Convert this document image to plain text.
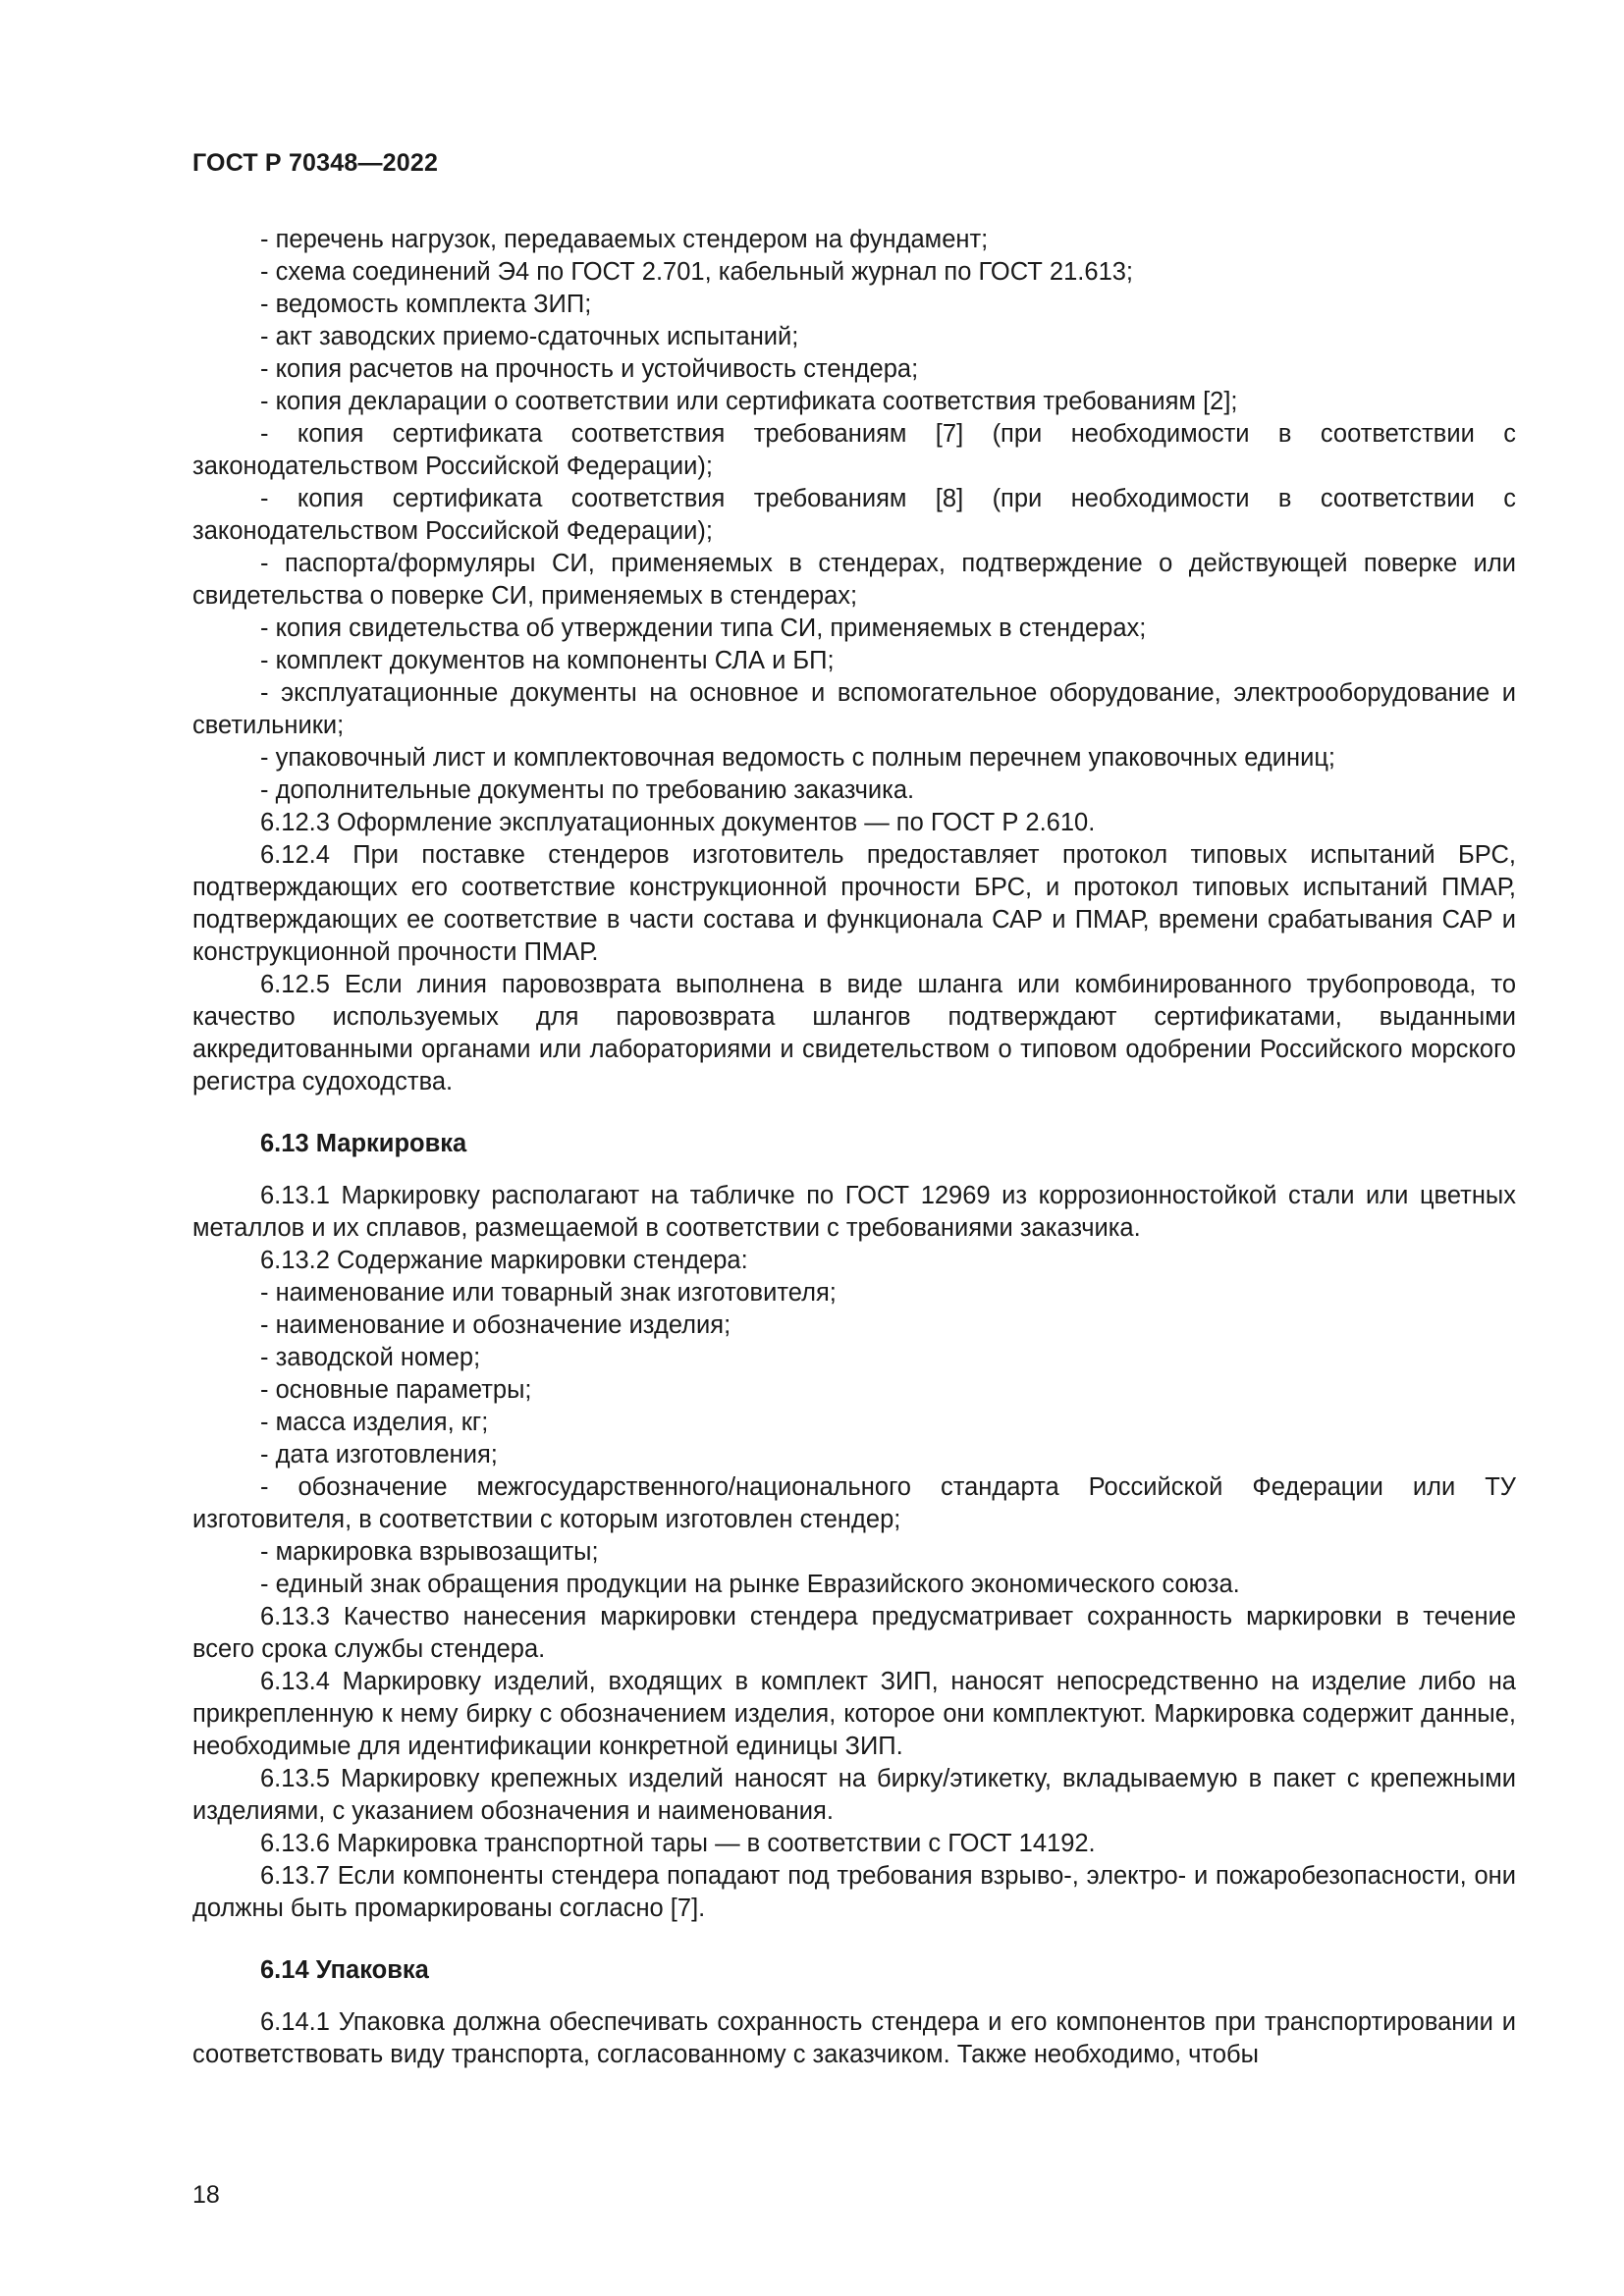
ГОСТ Р 70348—2022

- перечень нагрузок, передаваемых стендером на фундамент;

- схема соединений Э4 по ГОСТ 2.701, кабельный журнал по ГОСТ 21.613;

- ведомость комплекта ЗИП;

- акт заводских приемо-сдаточных испытаний;

- копия расчетов на прочность и устойчивость стендера;

- копия декларации о соответствии или сертификата соответствия требованиям [2];

- копия сертификата соответствия требованиям [7] (при необходимости в соответствии с законодательством Российской Федерации);

- копия сертификата соответствия требованиям [8] (при необходимости в соответствии с законодательством Российской Федерации);

- паспорта/формуляры СИ, применяемых в стендерах, подтверждение о действующей поверке или свидетельства о поверке СИ, применяемых в стендерах;

- копия свидетельства об утверждении типа СИ, применяемых в стендерах;

- комплект документов на компоненты СЛА и БП;

- эксплуатационные документы на основное и вспомогательное оборудование, электрооборудование и светильники;

- упаковочный лист и комплектовочная ведомость с полным перечнем упаковочных единиц;

- дополнительные документы по требованию заказчика.

6.12.3 Оформление эксплуатационных документов — по ГОСТ Р 2.610.

6.12.4 При поставке стендеров изготовитель предоставляет протокол типовых испытаний БРС, подтверждающих его соответствие конструкционной прочности БРС, и протокол типовых испытаний ПМАР, подтверждающих ее соответствие в части состава и функционала САР и ПМАР, времени срабатывания САР и конструкционной прочности ПМАР.

6.12.5 Если линия паровозврата выполнена в виде шланга или комбинированного трубопровода, то качество используемых для паровозврата шлангов подтверждают сертификатами, выданными аккредитованными органами или лабораториями и свидетельством о типовом одобрении Российского морского регистра судоходства.

6.13 Маркировка

6.13.1 Маркировку располагают на табличке по ГОСТ 12969 из коррозионностойкой стали или цветных металлов и их сплавов, размещаемой в соответствии с требованиями заказчика.

6.13.2 Содержание маркировки стендера:

- наименование или товарный знак изготовителя;

- наименование и обозначение изделия;

- заводской номер;

- основные параметры;

- масса изделия, кг;

- дата изготовления;

- обозначение межгосударственного/национального стандарта Российской Федерации или ТУ изготовителя, в соответствии с которым изготовлен стендер;

- маркировка взрывозащиты;

- единый знак обращения продукции на рынке Евразийского экономического союза.

6.13.3 Качество нанесения маркировки стендера предусматривает сохранность маркировки в течение всего срока службы стендера.

6.13.4 Маркировку изделий, входящих в комплект ЗИП, наносят непосредственно на изделие либо на прикрепленную к нему бирку с обозначением изделия, которое они комплектуют. Маркировка содержит данные, необходимые для идентификации конкретной единицы ЗИП.

6.13.5 Маркировку крепежных изделий наносят на бирку/этикетку, вкладываемую в пакет с крепежными изделиями, с указанием обозначения и наименования.

6.13.6 Маркировка транспортной тары — в соответствии с ГОСТ 14192.

6.13.7 Если компоненты стендера попадают под требования взрыво-, электро- и пожаробезопасности, они должны быть промаркированы согласно [7].

6.14 Упаковка

6.14.1 Упаковка должна обеспечивать сохранность стендера и его компонентов при транспортировании и соответствовать виду транспорта, согласованному с заказчиком. Также необходимо, чтобы

18
